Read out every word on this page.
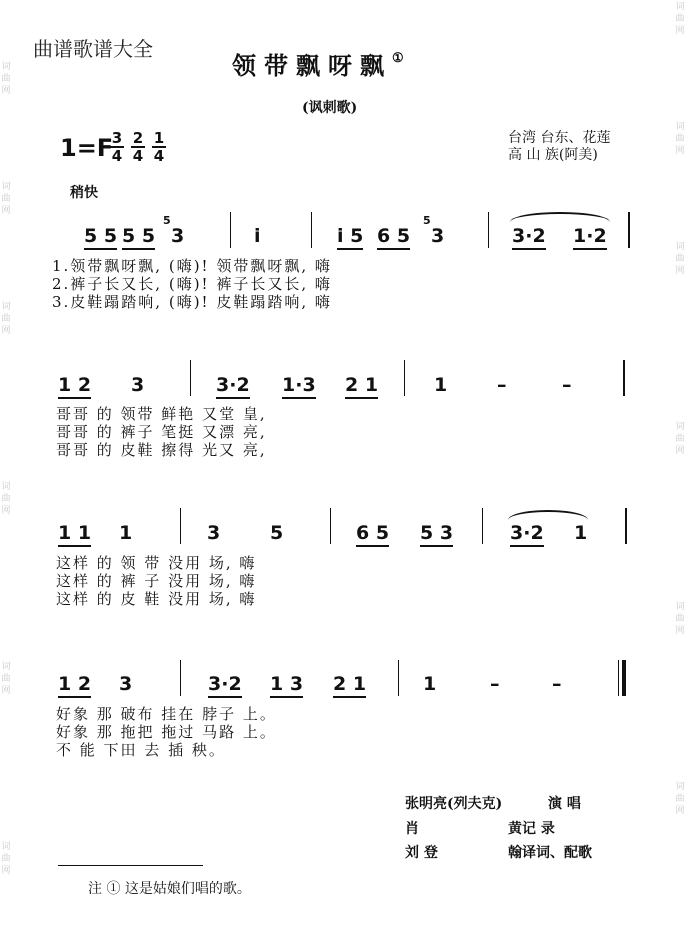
词
曲
网
词
曲
网
词
曲
网
词
曲
网
词
曲
网
词
曲
网
词
曲
网
词
曲
网
词
曲
网
词
曲
网
词
曲
网
词
曲
网
曲谱歌谱大全
领带飘呀飘①
(讽刺歌)
1=F
$\frac{3}{4} \frac{2}{4} \frac{1}{4}$	台湾 台东、花莲
高 山 族(阿美)
稍快
5 5 5 5
5
3	i	i 5 6 5
5
3	3·2 1·2
1.领带飘呀飘, (嗨)! 领带飘呀飘, 嗨
2.裤子长又长, (嗨)! 裤子长又长, 嗨
3.皮鞋蹋踏响, (嗨)! 皮鞋蹋踏响, 嗨
1 2 3	3·2 1·3 2 1	1	–	–
哥哥 的 领带 鲜艳 又堂 皇,
哥哥 的 裤子 笔挺 又漂 亮,
哥哥 的 皮鞋 擦得 光又 亮,
1 1 1	3	5	6 5 5 3	3·2 1
这样 的 领 带 没用 场, 嗨
这样 的 裤 子 没用 场, 嗨
这样 的 皮 鞋 没用 场, 嗨
1 2 3	3·2 1 3 2 1	1	–	–
好象 那 破布 挂在 脖子 上。
好象 那 拖把 拖过 马路 上。
不 能 下田 去 插 秧。
张明亮(列夫克)	演 唱
肖	黄记 录
刘 登	翰译词、配歌
注 ① 这是姑娘们唱的歌。
